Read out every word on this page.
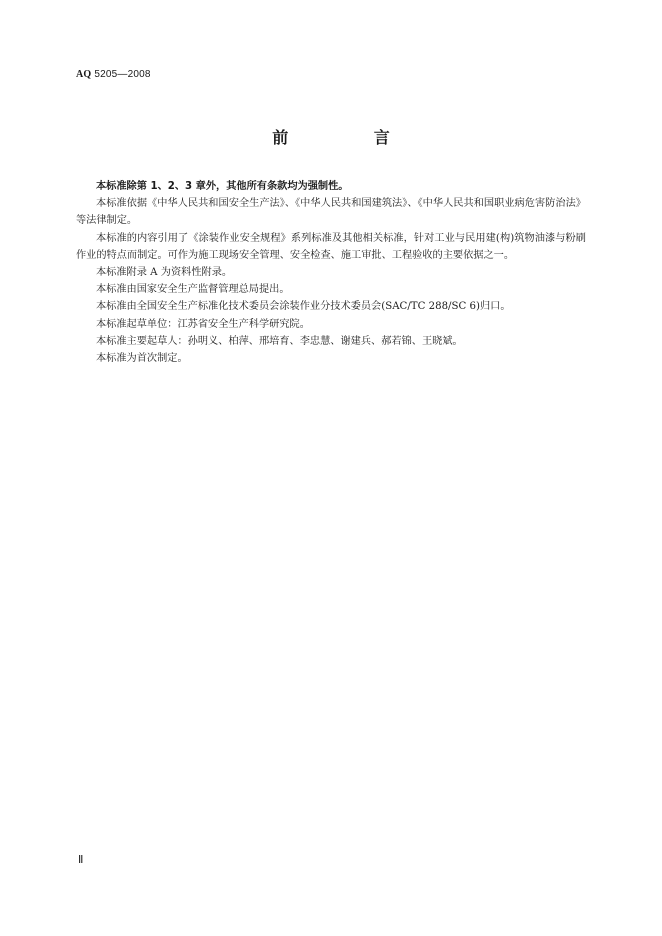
AQ 5205—2008
前 言

本标准除第 1、2、3 章外，其他所有条款均为强制性。

本标准依据《中华人民共和国安全生产法》、《中华人民共和国建筑法》、《中华人民共和国职业病危害防治法》等法律制定。

本标准的内容引用了《涂装作业安全规程》系列标准及其他相关标准，针对工业与民用建(构)筑物油漆与粉刷作业的特点而制定。可作为施工现场安全管理、安全检查、施工审批、工程验收的主要依据之一。

本标准附录 A 为资料性附录。

本标准由国家安全生产监督管理总局提出。

本标准由全国安全生产标准化技术委员会涂装作业分技术委员会(SAC/TC 288/SC 6)归口。

本标准起草单位：江苏省安全生产科学研究院。

本标准主要起草人：孙明义、柏萍、邢培育、李忠慧、谢建兵、郝若锦、王晓斌。

本标准为首次制定。

Ⅱ
